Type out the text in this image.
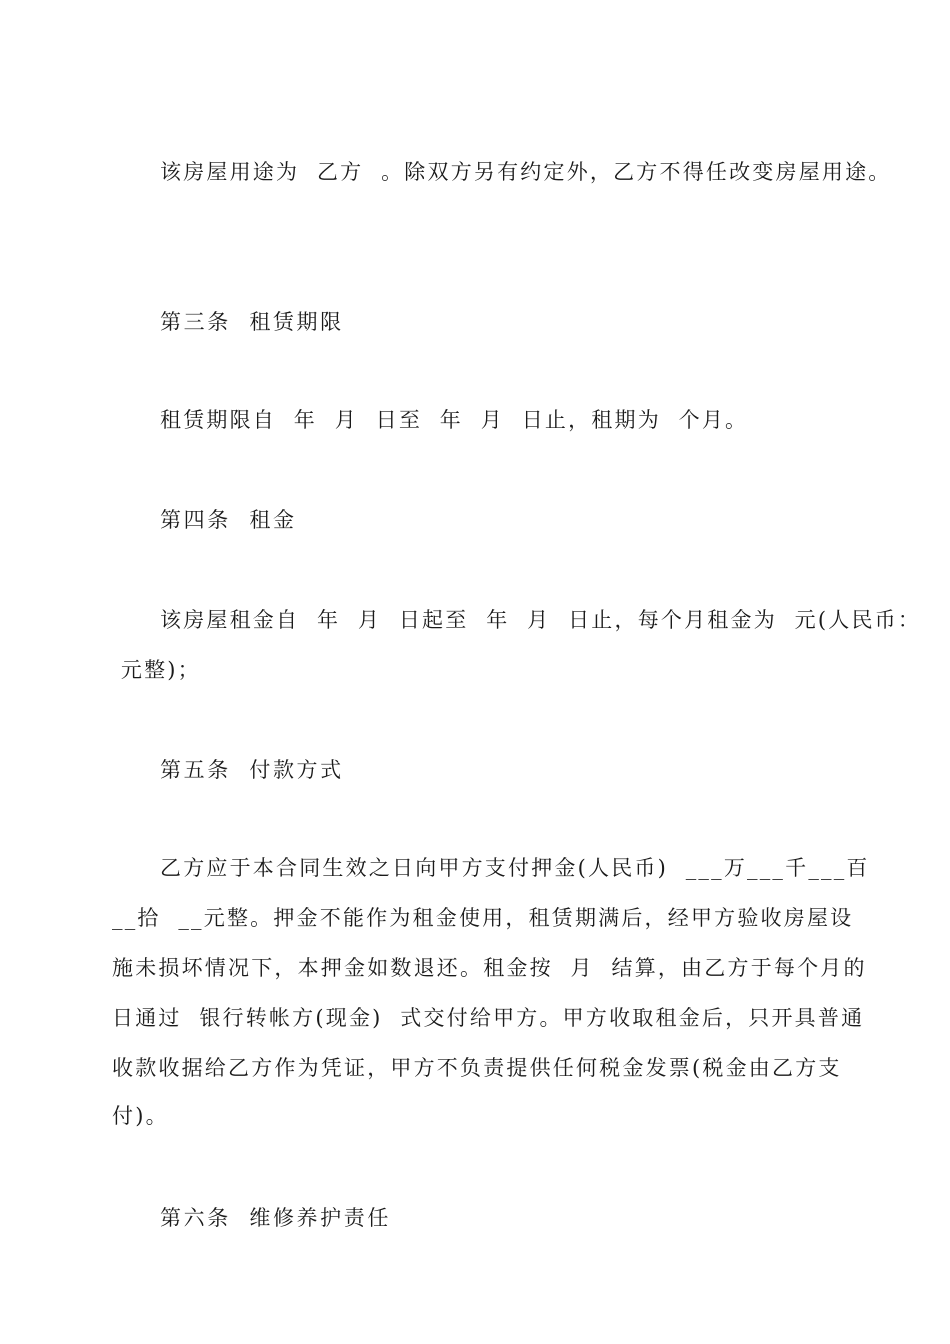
该房屋用途为  乙方  。除双方另有约定外，乙方不得任改变房屋用途。

第三条  租赁期限

租赁期限自  年  月  日至  年  月  日止，租期为  个月。

第四条  租金

该房屋租金自  年  月  日起至  年  月  日止，每个月租金为  元(人民币：

元整)；

第五条  付款方式

乙方应于本合同生效之日向甲方支付押金(人民币)  ___万___千___百

__拾  __元整。押金不能作为租金使用，租赁期满后，经甲方验收房屋设

施未损坏情况下，本押金如数退还。租金按  月  结算，由乙方于每个月的

日通过  银行转帐方(现金)  式交付给甲方。甲方收取租金后，只开具普通

收款收据给乙方作为凭证，甲方不负责提供任何税金发票(税金由乙方支

付)。

第六条  维修养护责任
